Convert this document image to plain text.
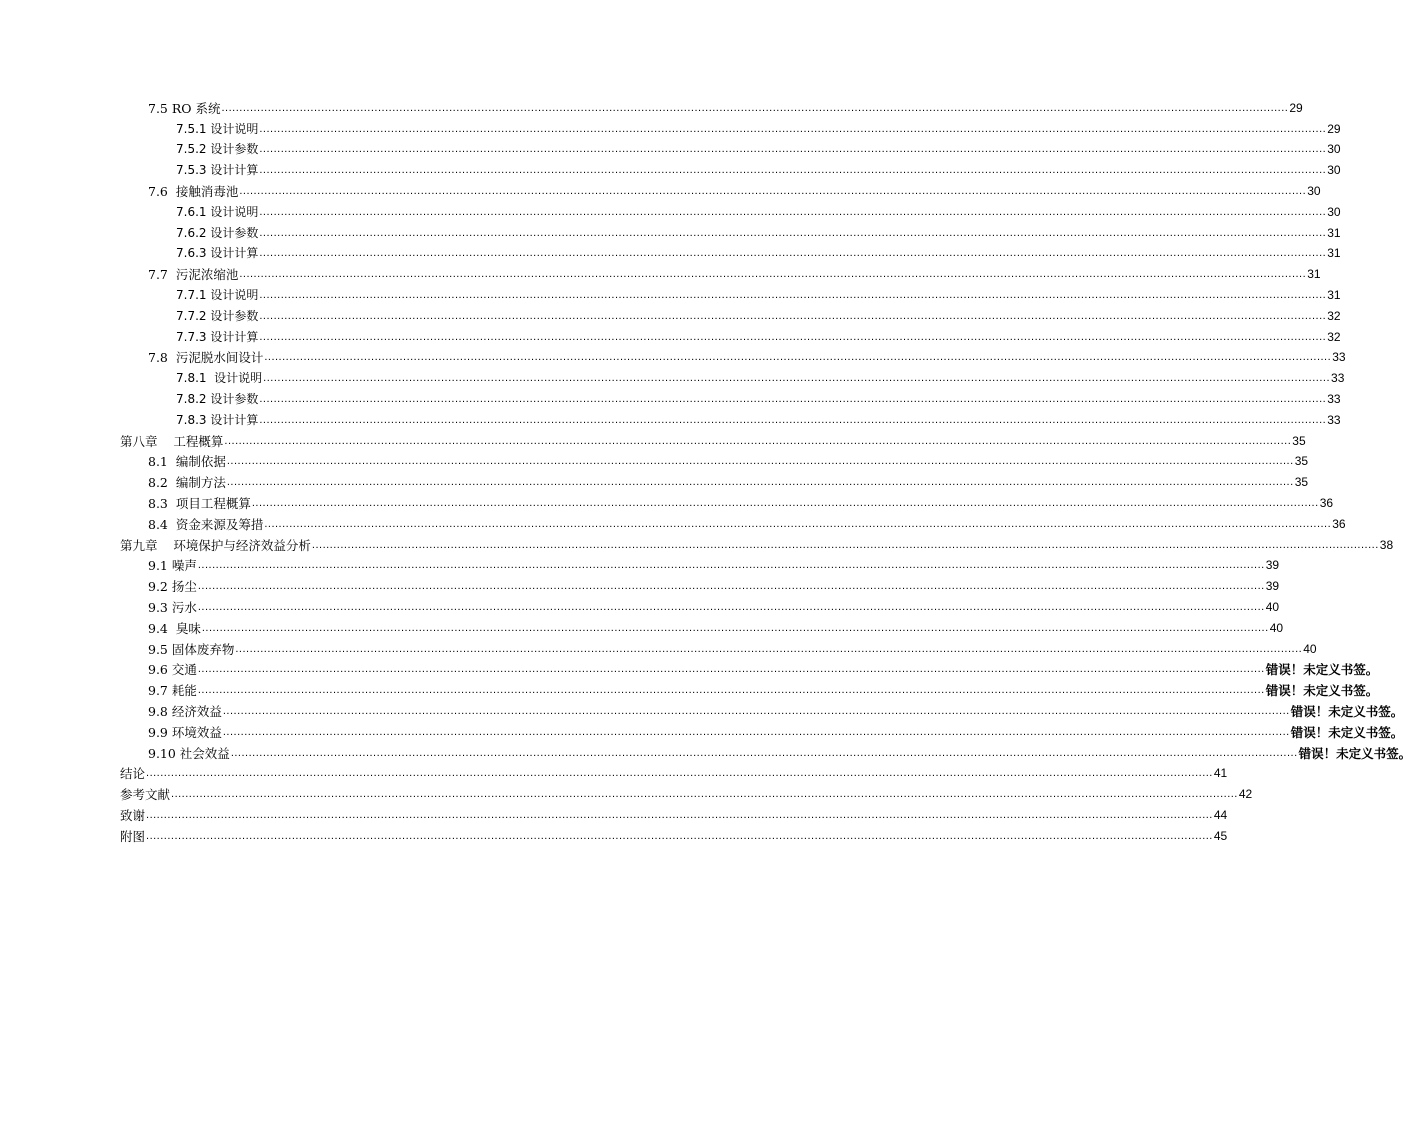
7.5 RO 系统 ............................................................................................................................................................................................................................................................................................................ 29
7.5.1 设计说明 ............................................................................................................................................................................................................................................................................................................ 29
7.5.2 设计参数 ............................................................................................................................................................................................................................................................................................................ 30
7.5.3 设计计算 ............................................................................................................................................................................................................................................................................................................ 30
7.6  接触消毒池 ............................................................................................................................................................................................................................................................................................................ 30
7.6.1 设计说明 ............................................................................................................................................................................................................................................................................................................ 30
7.6.2 设计参数 ............................................................................................................................................................................................................................................................................................................ 31
7.6.3 设计计算 ............................................................................................................................................................................................................................................................................................................ 31
7.7  污泥浓缩池 ............................................................................................................................................................................................................................................................................................................ 31
7.7.1 设计说明 ............................................................................................................................................................................................................................................................................................................ 31
7.7.2 设计参数 ............................................................................................................................................................................................................................................................................................................ 32
7.7.3 设计计算 ............................................................................................................................................................................................................................................................................................................ 32
7.8  污泥脱水间设计 ............................................................................................................................................................................................................................................................................................................ 33
7.8.1  设计说明 ............................................................................................................................................................................................................................................................................................................ 33
7.8.2 设计参数 ............................................................................................................................................................................................................................................................................................................ 33
7.8.3 设计计算 ............................................................................................................................................................................................................................................................................................................ 33
第八章    工程概算 ............................................................................................................................................................................................................................................................................................................ 35
8.1  编制依据 ............................................................................................................................................................................................................................................................................................................ 35
8.2  编制方法 ............................................................................................................................................................................................................................................................................................................ 35
8.3  项目工程概算 ............................................................................................................................................................................................................................................................................................................ 36
8.4  资金来源及筹措 ............................................................................................................................................................................................................................................................................................................ 36
第九章    环境保护与经济效益分析 ............................................................................................................................................................................................................................................................................................................ 38
9.1 噪声 ............................................................................................................................................................................................................................................................................................................ 39
9.2 扬尘 ............................................................................................................................................................................................................................................................................................................ 39
9.3 污水 ............................................................................................................................................................................................................................................................................................................ 40
9.4  臭味 ............................................................................................................................................................................................................................................................................................................ 40
9.5 固体废弃物 ............................................................................................................................................................................................................................................................................................................ 40
9.6 交通 ............................................................................................................................................................................................................................................................................................................ 错误！未定义书签。
9.7 耗能 ............................................................................................................................................................................................................................................................................................................ 错误！未定义书签。
9.8 经济效益 ............................................................................................................................................................................................................................................................................................................ 错误！未定义书签。
9.9 环境效益 ............................................................................................................................................................................................................................................................................................................ 错误！未定义书签。
9.10 社会效益 ............................................................................................................................................................................................................................................................................................................ 错误！未定义书签。
结论 ............................................................................................................................................................................................................................................................................................................ 41
参考文献 ............................................................................................................................................................................................................................................................................................................ 42
致谢 ............................................................................................................................................................................................................................................................................................................ 44
附图 ............................................................................................................................................................................................................................................................................................................ 45
